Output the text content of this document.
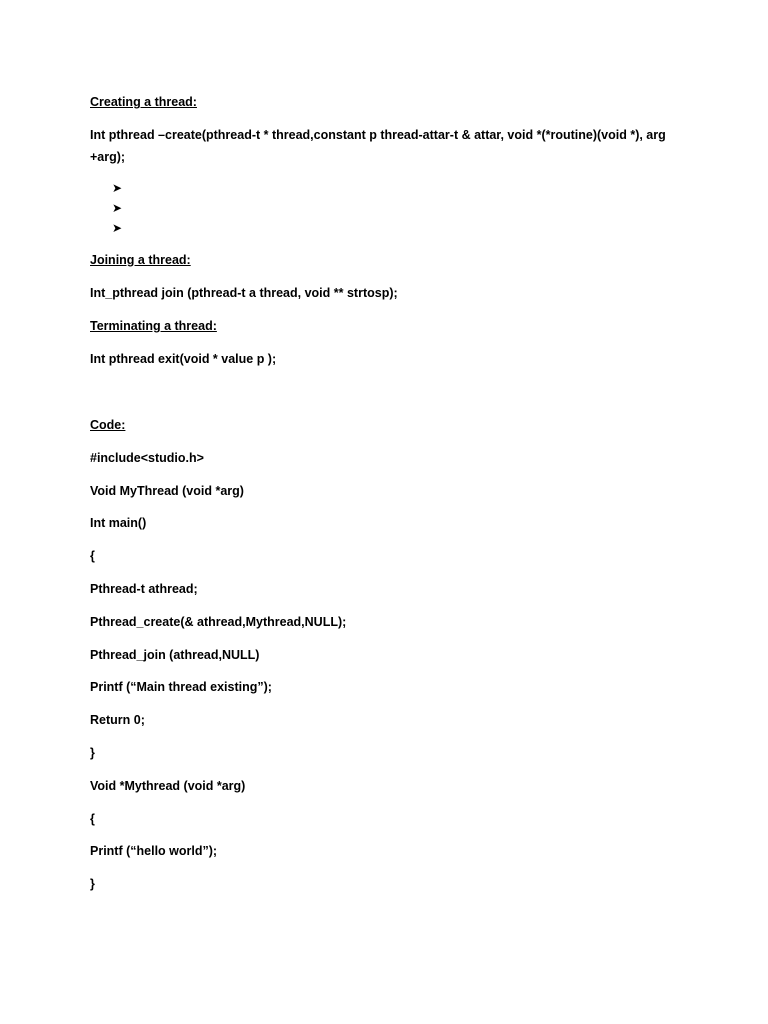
Creating a thread:
Int pthread –create(pthread-t * thread,constant p thread-attar-t & attar, void *(*routine)(void *), arg +arg);
➤
➤
➤
Joining a thread:
Int_pthread join (pthread-t a thread, void ** strtosp);
Terminating a thread:
Int pthread exit(void * value p );
Code:
#include<studio.h>
Void MyThread (void *arg)
Int main()
{
Pthread-t athread;
Pthread_create(& athread,Mythread,NULL);
Pthread_join (athread,NULL)
Printf (“Main thread existing”);
Return 0;
}
Void *Mythread (void *arg)
{
Printf (“hello world”);
}
